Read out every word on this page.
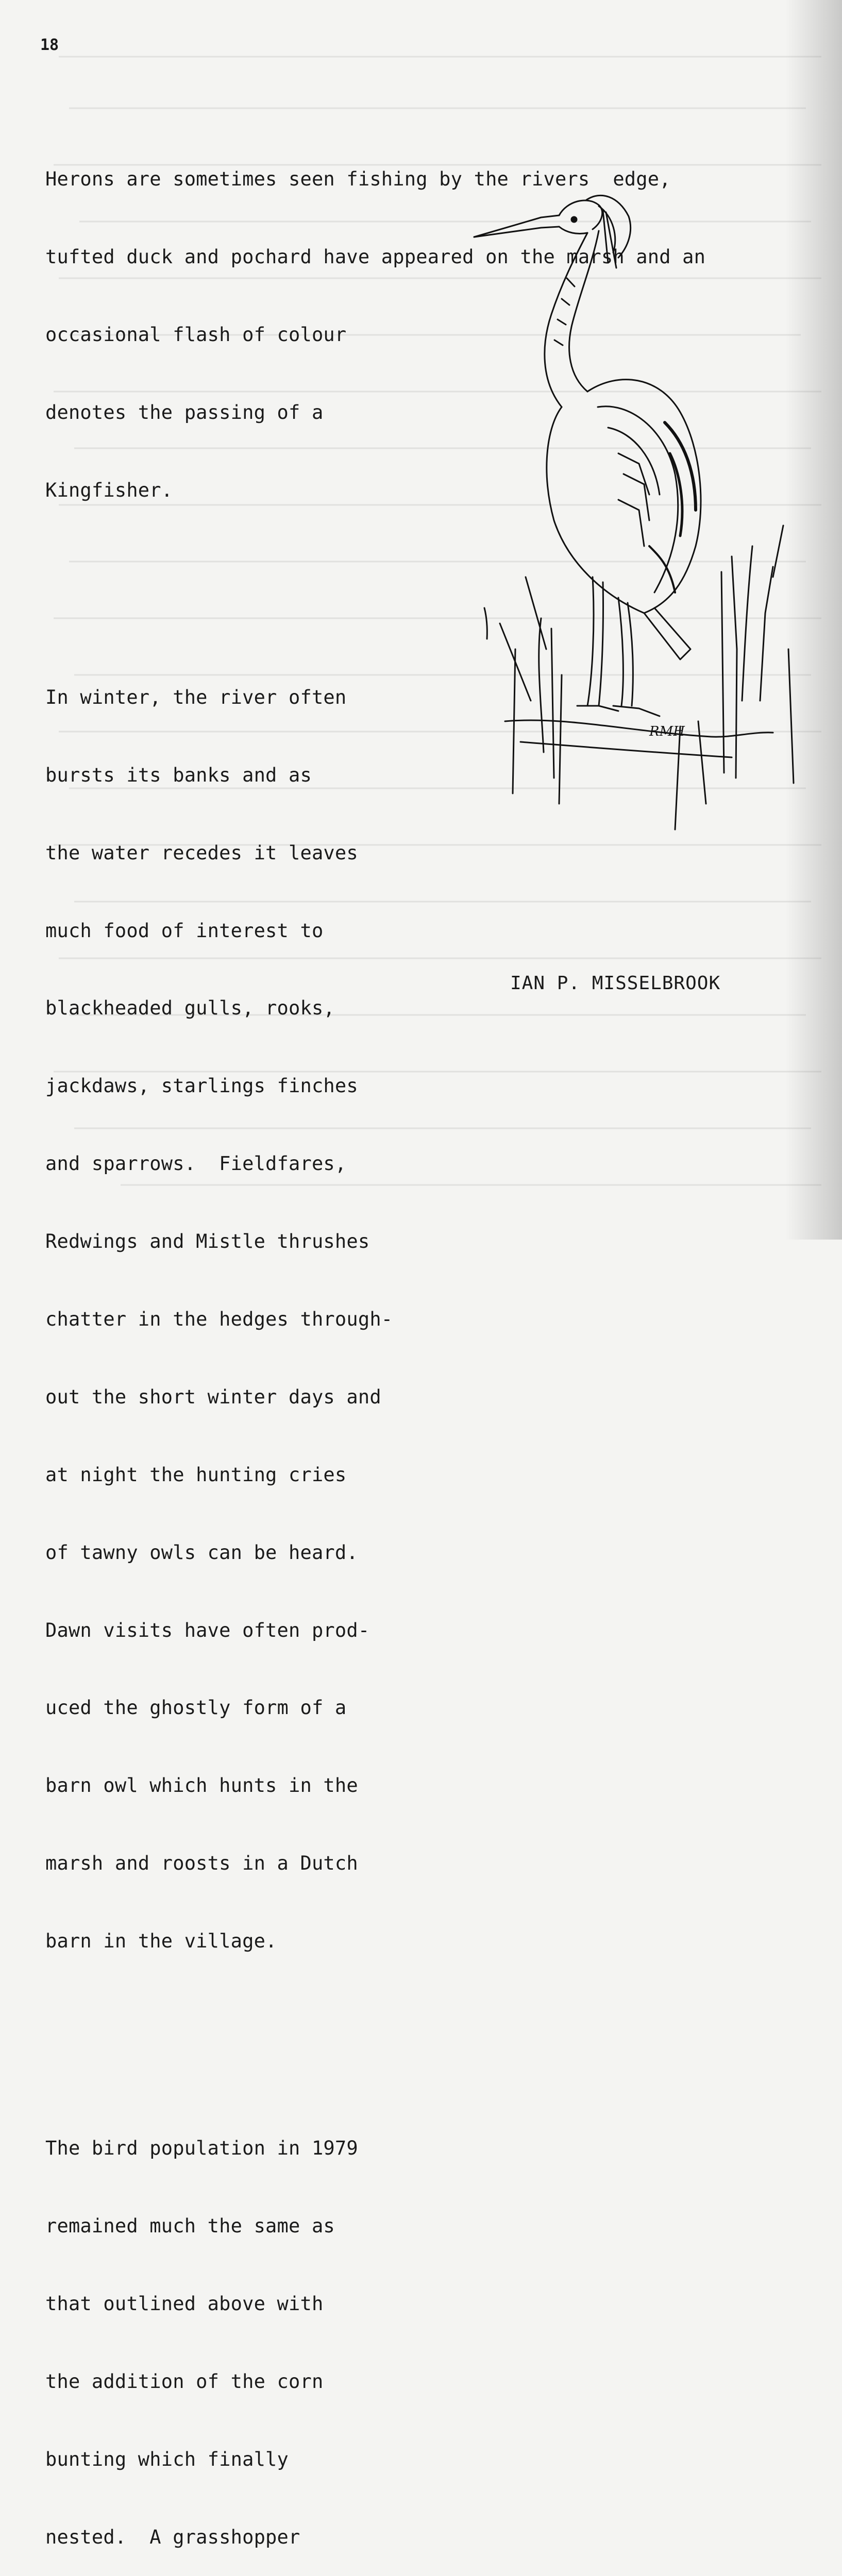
18

Herons are sometimes seen fishing by the rivers  edge,

tufted duck and pochard have appeared on the marsh and an

occasional flash of colour

denotes the passing of a

Kingfisher.

In winter, the river often

bursts its banks and as

the water recedes it leaves

much food of interest to

blackheaded gulls, rooks,

jackdaws, starlings finches

and sparrows.  Fieldfares,

Redwings and Mistle thrushes

chatter in the hedges through-

out the short winter days and

at night the hunting cries

of tawny owls can be heard.

Dawn visits have often prod-

uced the ghostly form of a

barn owl which hunts in the

marsh and roosts in a Dutch

barn in the village.

The bird population in 1979

remained much the same as

that outlined above with

the addition of the corn

bunting which finally

nested.  A grasshopper

IAN P. MISSELBROOK
RMH
